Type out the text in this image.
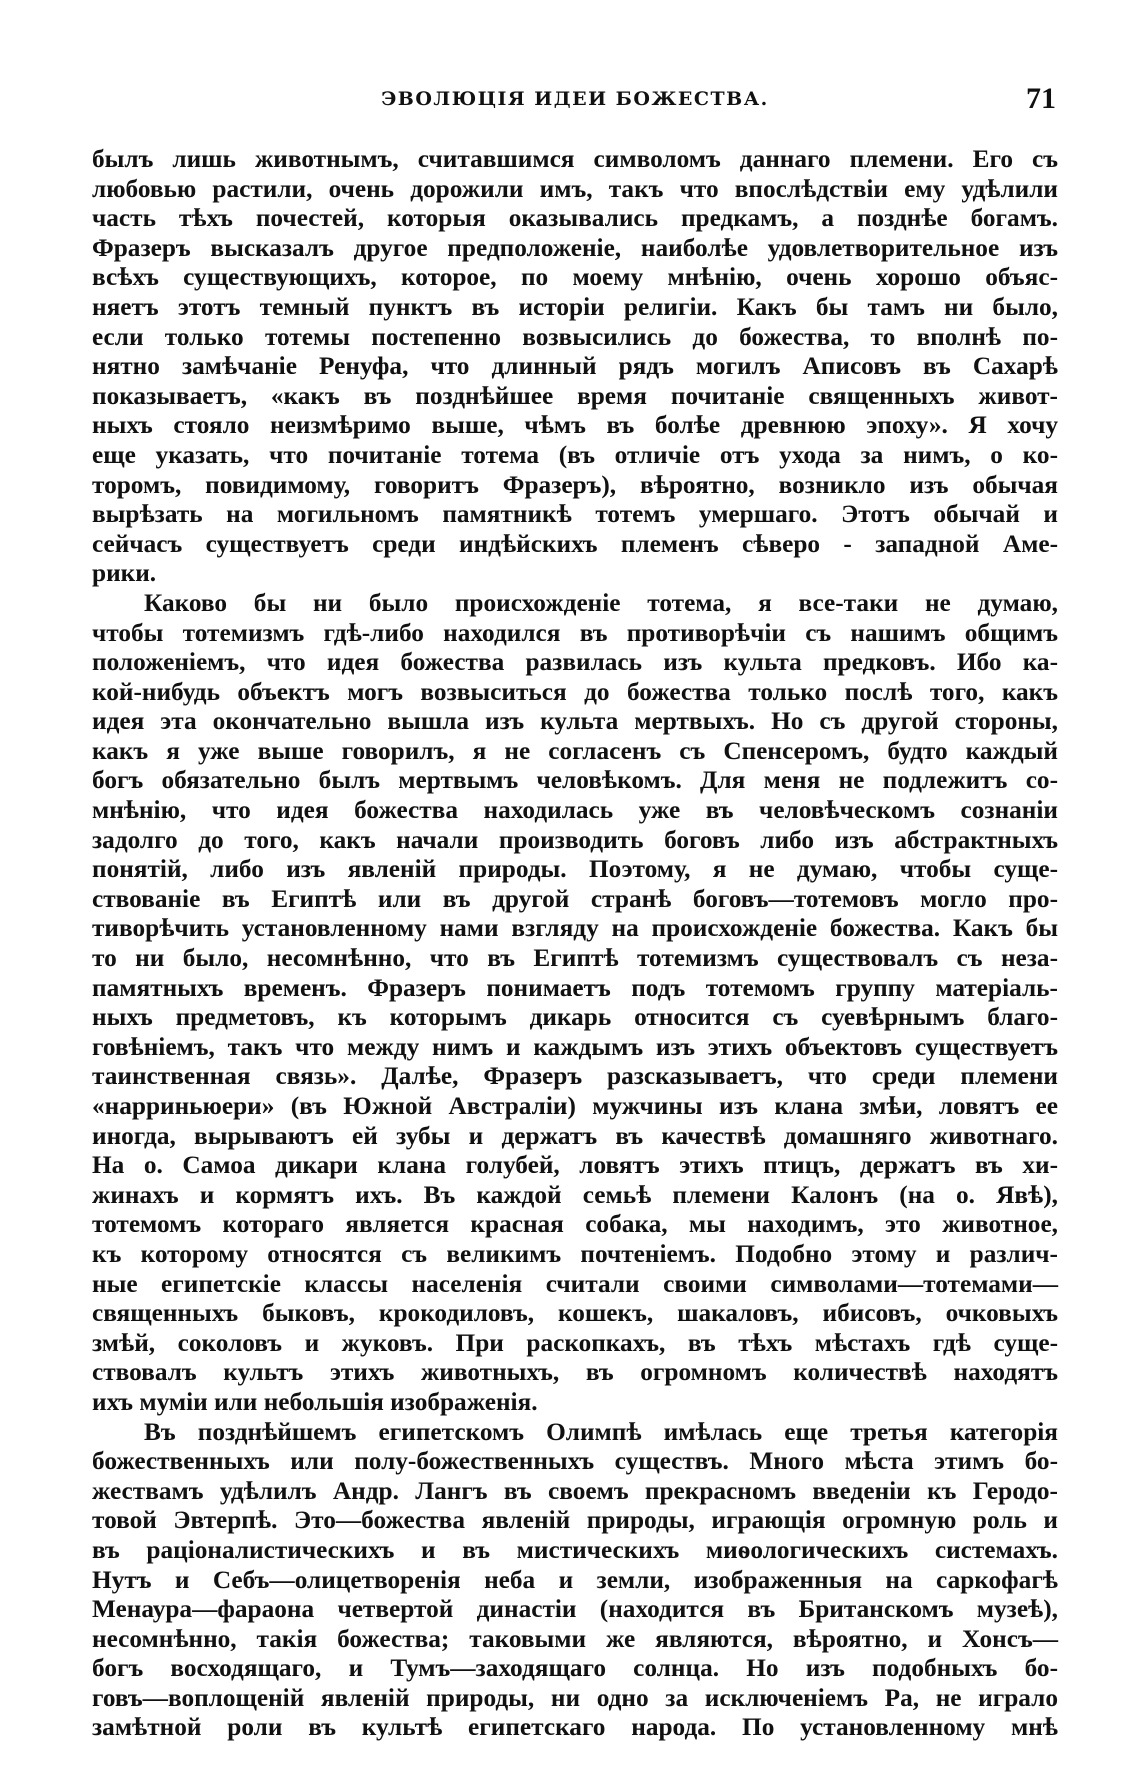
ЭВОЛЮЦІЯ ИДЕИ БОЖЕСТВА.	71
былъ лишь животнымъ, считавшимся символомъ даннаго племени. Его съ
любовью растили, очень дорожили имъ, такъ что впослѣдствіи ему удѣлили
часть тѣхъ почестей, которыя оказывались предкамъ, а позднѣе богамъ.
Фразеръ высказалъ другое предположеніе, наиболѣе удовлетворительное изъ
всѣхъ существующихъ, которое, по моему мнѣнію, очень хорошо объяс-
няетъ этотъ темный пунктъ въ исторіи религіи. Какъ бы тамъ ни было,
если только тотемы постепенно возвысились до божества, то вполнѣ по-
нятно замѣчаніе Ренуфа, что длинный рядъ могилъ Аписовъ въ Сахарѣ
показываетъ, «какъ въ позднѣйшее время почитаніе священныхъ живот-
ныхъ стояло неизмѣримо выше, чѣмъ въ болѣе древнюю эпоху». Я хочу
еще указать, что почитаніе тотема (въ отличіе отъ ухода за нимъ, о ко-
торомъ, повидимому, говоритъ Фразеръ), вѣроятно, возникло изъ обычая
вырѣзать на могильномъ памятникѣ тотемъ умершаго. Этотъ обычай и
сейчасъ существуетъ среди индѣйскихъ племенъ сѣверо - западной Аме-
рики.
Каково бы ни было происхожденіе тотема, я все-таки не думаю,
чтобы тотемизмъ гдѣ-либо находился въ противорѣчіи съ нашимъ общимъ
положеніемъ, что идея божества развилась изъ культа предковъ. Ибо ка-
кой-нибудь объектъ могъ возвыситься до божества только послѣ того, какъ
идея эта окончательно вышла изъ культа мертвыхъ. Но съ другой стороны,
какъ я уже выше говорилъ, я не согласенъ съ Спенсеромъ, будто каждый
богъ обязательно былъ мертвымъ человѣкомъ. Для меня не подлежитъ со-
мнѣнію, что идея божества находилась уже въ человѣческомъ сознаніи
задолго до того, какъ начали производить боговъ либо изъ абстрактныхъ
понятій, либо изъ явленій природы. Поэтому, я не думаю, чтобы суще-
ствованіе въ Египтѣ или въ другой странѣ боговъ—тотемовъ могло про-
тиворѣчить установленному нами взгляду на происхожденіе божества. Какъ бы
то ни было, несомнѣнно, что въ Египтѣ тотемизмъ существовалъ съ неза-
памятныхъ временъ. Фразеръ понимаетъ подъ тотемомъ группу матеріаль-
ныхъ предметовъ, къ которымъ дикарь относится съ суевѣрнымъ благо-
говѣніемъ, такъ что между нимъ и каждымъ изъ этихъ объектовъ существуетъ
таинственная связь». Далѣе, Фразеръ разсказываетъ, что среди племени
«нарриньюери» (въ Южной Австраліи) мужчины изъ клана змѣи, ловятъ ее
иногда, вырываютъ ей зубы и держатъ въ качествѣ домашняго животнаго.
На о. Самоа дикари клана голубей, ловятъ этихъ птицъ, держатъ въ хи-
жинахъ и кормятъ ихъ. Въ каждой семьѣ племени Калонъ (на о. Явѣ),
тотемомъ котораго является красная собака, мы находимъ, это животное,
къ которому относятся съ великимъ почтеніемъ. Подобно этому и различ-
ные египетскіе классы населенія считали своими символами—тотемами—
священныхъ быковъ, крокодиловъ, кошекъ, шакаловъ, ибисовъ, очковыхъ
змѣй, соколовъ и жуковъ. При раскопкахъ, въ тѣхъ мѣстахъ гдѣ суще-
ствовалъ культъ этихъ животныхъ, въ огромномъ количествѣ находятъ
ихъ муміи или небольшія изображенія.
Въ позднѣйшемъ египетскомъ Олимпѣ имѣлась еще третья категорія
божественныхъ или полу-божественныхъ существъ. Много мѣста этимъ бо-
жествамъ удѣлилъ Андр. Лангъ въ своемъ прекрасномъ введеніи къ Геродо-
товой Эвтерпѣ. Это—божества явленій природы, играющія огромную роль и
въ раціоналистическихъ и въ мистическихъ миѳологическихъ системахъ.
Нутъ и Себъ—олицетворенія неба и земли, изображенныя на саркофагѣ
Менаура—фараона четвертой династіи (находится въ Британскомъ музеѣ),
несомнѣнно, такія божества; таковыми же являются, вѣроятно, и Хонсъ—
богъ восходящаго, и Тумъ—заходящаго солнца. Но изъ подобныхъ бо-
говъ—воплощеній явленій природы, ни одно за исключеніемъ Ра, не играло
замѣтной роли въ культѣ египетскаго народа. По установленному мнѣ
